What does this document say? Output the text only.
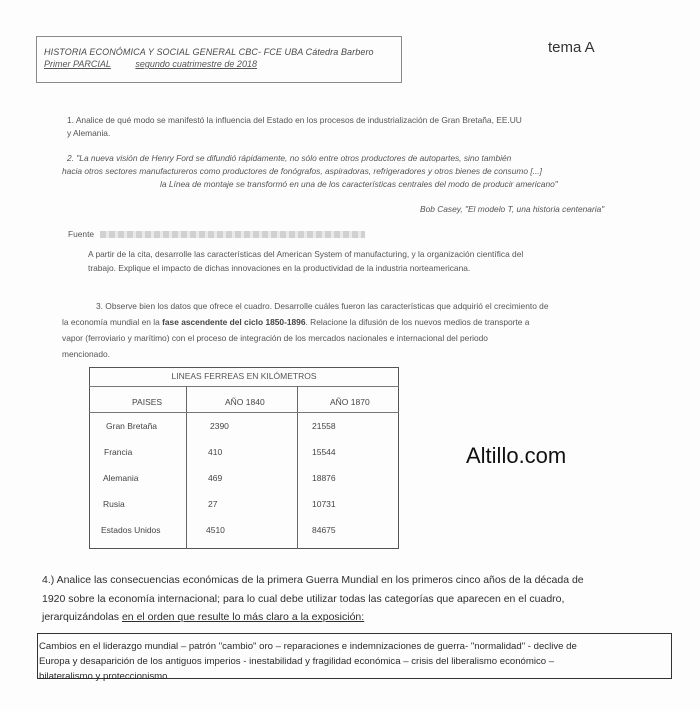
HISTORIA ECONÓMICA Y SOCIAL GENERAL CBC- FCE UBA Cátedra Barbero
Primer PARCIAL	segundo cuatrimestre de 2018
tema A
1. Analice de qué modo se manifestó la influencia del Estado en los procesos de industrialización de Gran Bretaña, EE.UU
y Alemania.
2. "La nueva visión de Henry Ford se difundió rápidamente, no sólo entre otros productores de autopartes, sino también
hacia otros sectores manufactureros como productores de fonógrafos, aspiradoras, refrigeradores y otros bienes de consumo [...]
la Línea de montaje se transformó en una de los características centrales del modo de producir americano"
Bob Casey, "El modelo T, una historia centenaria"
Fuente
A partir de la cita, desarrolle las características del American System of manufacturing, y la organización científica del
trabajo. Explique el impacto de dichas innovaciones en la productividad de la industria norteamericana.
3. Observe bien los datos que ofrece el cuadro. Desarrolle cuáles fueron las características que adquirió el crecimiento de
la economía mundial en la fase ascendente del ciclo 1850-1896. Relacione la difusión de los nuevos medios de transporte a
vapor (ferroviario y marítimo) con el proceso de integración de los mercados nacionales e internacional del periodo
mencionado.
LINEAS FERREAS EN KILÓMETROS
PAISES	AÑO 1840	AÑO 1870
Gran Bretaña	2390	21558
Francia	410	15544
Alemania	469	18876
Rusia	27	10731
Estados Unidos	4510	84675
Altillo.com
4.) Analice las consecuencias económicas de la primera Guerra Mundial en los primeros cinco años de la década de
1920 sobre la economía internacional; para lo cual debe utilizar todas las categorías que aparecen en el cuadro,
jerarquizándolas en el orden que resulte lo más claro a la exposición:
Cambios en el liderazgo mundial – patrón "cambio" oro – reparaciones e indemnizaciones de guerra- "normalidad" - declive de
Europa y desaparición de los antiguos imperios - inestabilidad y fragilidad económica – crisis del liberalismo económico –
bilateralismo y proteccionismo
